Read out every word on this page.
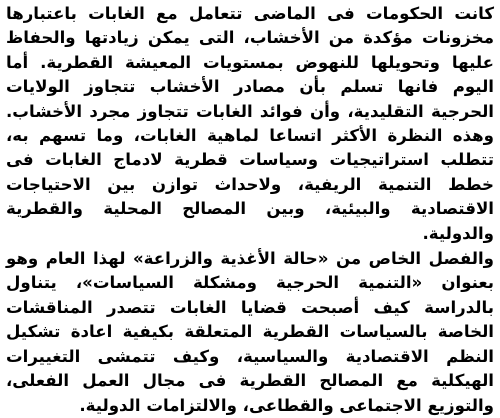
كانت الحكومات فى الماضى تتعامل مع الغابات باعتبارها مخزونات مؤكدة من الأخشاب، التى يمكن زيادتها والحفاظ عليها وتحويلها للنهوض بمستويات المعيشة القطرية. أما اليوم فانها تسلم بأن مصادر الأخشاب تتجاوز الولايات الحرجية التقليدية، وأن فوائد الغابات تتجاوز مجرد الأخشاب. وهذه النظرة الأكثر اتساعا لماهية الغابات، وما تسهم به، تتطلب استراتيجيات وسياسات قطرية لادماج الغابات فى خطط التنمية الريفية، ولاحداث توازن بين الاحتياجات الاقتصادية والبيئية، وبين المصالح المحلية والقطرية والدولية.

والفصل الخاص من «حالة الأغذية والزراعة» لهذا العام وهو بعنوان «التنمية الحرجية ومشكلة السياسات»، يتناول بالدراسة كيف أصبحت قضايا الغابات تتصدر المناقشات الخاصة بالسياسات القطرية المتعلقة بكيفية اعادة تشكيل النظم الاقتصادية والسياسية، وكيف تتمشى التغييرات الهيكلية مع المصالح القطرية فى مجال العمل الفعلى، والتوزيع الاجتماعى والقطاعى، والالتزامات الدولية.
